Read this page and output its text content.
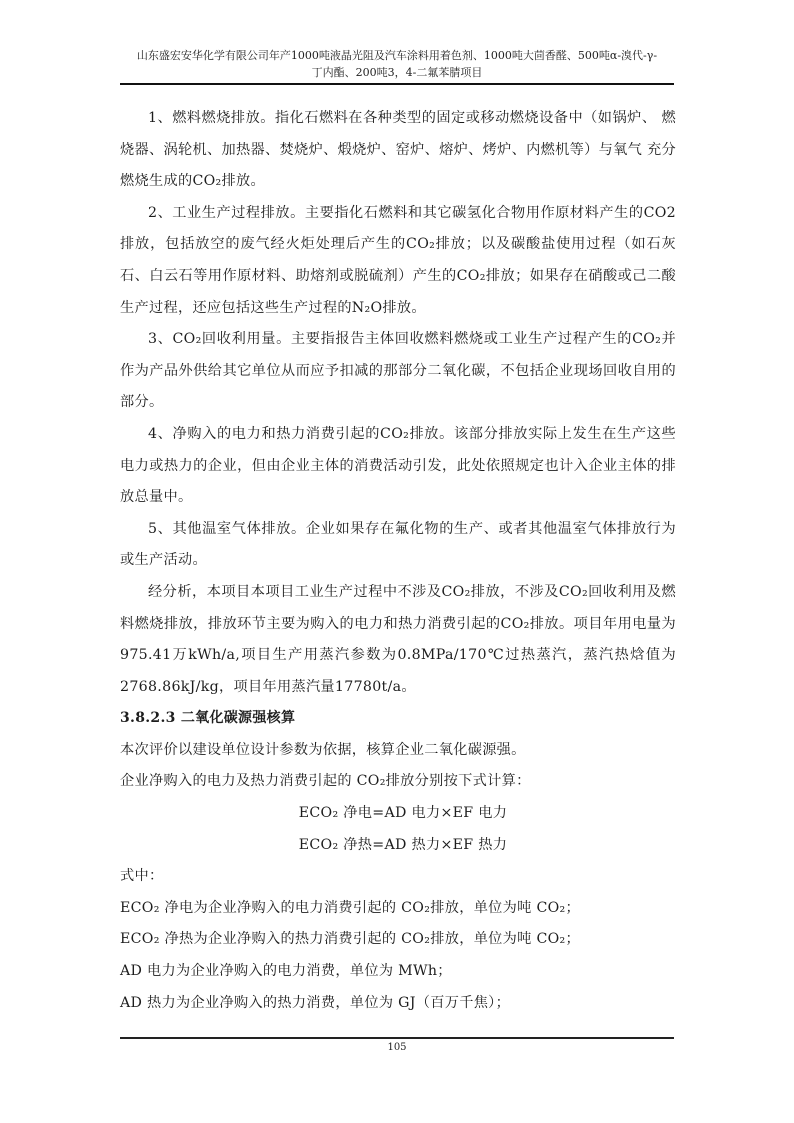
山东盛宏安华化学有限公司年产1000吨液晶光阻及汽车涂料用着色剂、1000吨大茴香醛、500吨α-溴代-γ-
丁内酯、200吨3，4-二氟苯腈项目

1、燃料燃烧排放。指化石燃料在各种类型的固定或移动燃烧设备中（如锅炉、 燃烧器、涡轮机、加热器、焚烧炉、煅烧炉、窑炉、熔炉、烤炉、内燃机等）与氧气 充分燃烧生成的CO₂排放。

2、工业生产过程排放。主要指化石燃料和其它碳氢化合物用作原材料产生的CO2 排放，包括放空的废气经火炬处理后产生的CO₂排放；以及碳酸盐使用过程（如石灰石、白云石等用作原材料、助熔剂或脱硫剂）产生的CO₂排放；如果存在硝酸或己二酸生产过程，还应包括这些生产过程的N₂O排放。

3、CO₂回收利用量。主要指报告主体回收燃料燃烧或工业生产过程产生的CO₂并作为产品外供给其它单位从而应予扣减的那部分二氧化碳，不包括企业现场回收自用的部分。

4、净购入的电力和热力消费引起的CO₂排放。该部分排放实际上发生在生产这些电力或热力的企业，但由企业主体的消费活动引发，此处依照规定也计入企业主体的排放总量中。

5、其他温室气体排放。企业如果存在氟化物的生产、或者其他温室气体排放行为或生产活动。

经分析，本项目本项目工业生产过程中不涉及CO₂排放，不涉及CO₂回收利用及燃料燃烧排放，排放环节主要为购入的电力和热力消费引起的CO₂排放。项目年用电量为975.41万kWh/a,项目生产用蒸汽参数为0.8MPa/170℃过热蒸汽，蒸汽热焓值为2768.86kJ/kg，项目年用蒸汽量17780t/a。

3.8.2.3 二氧化碳源强核算

本次评价以建设单位设计参数为依据，核算企业二氧化碳源强。

企业净购入的电力及热力消费引起的 CO₂排放分别按下式计算：

ECO₂ 净电=AD 电力×EF 电力

ECO₂ 净热=AD 热力×EF 热力

式中：

ECO₂ 净电为企业净购入的电力消费引起的 CO₂排放，单位为吨 CO₂；

ECO₂ 净热为企业净购入的热力消费引起的 CO₂排放，单位为吨 CO₂；

AD 电力为企业净购入的电力消费，单位为 MWh；

AD 热力为企业净购入的热力消费，单位为 GJ（百万千焦）；

105
